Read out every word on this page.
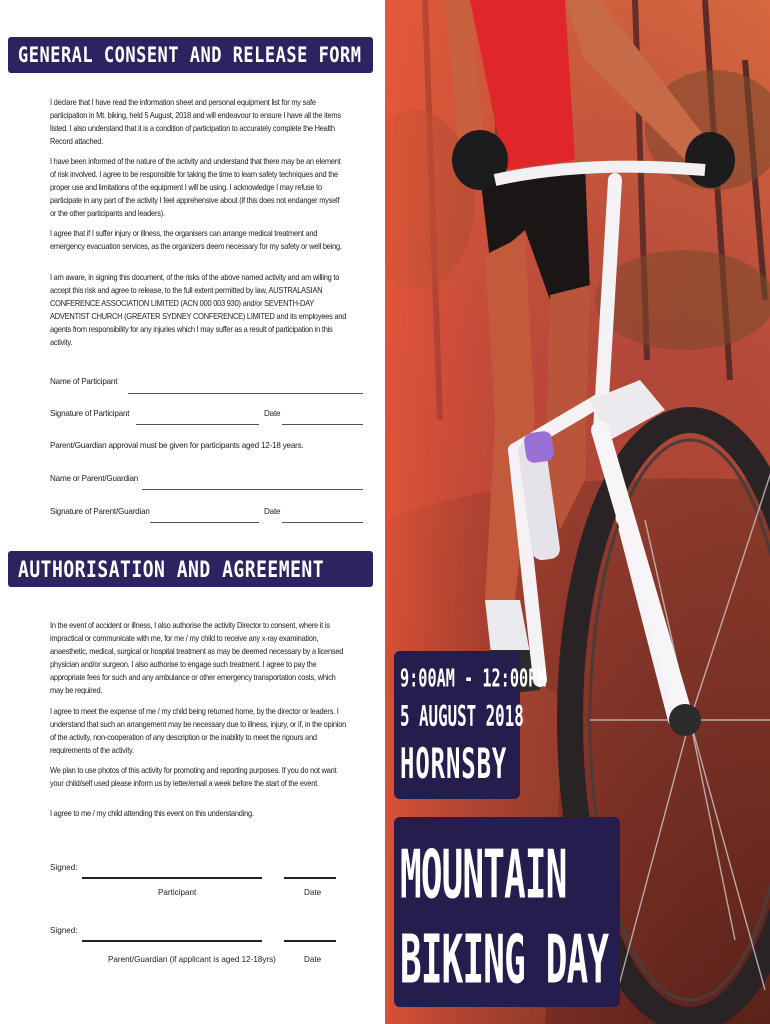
GENERAL CONSENT AND RELEASE FORM
I declare that I have read the information sheet and personal equipment list for my safe participation in Mt. biking, held 5 August, 2018 and will endeavour to ensure I have all the items listed. I also understand that it is a condition of participation to accurately complete the Health Record attached.
I have been informed of the nature of the activity and understand that there may be an element of risk involved. I agree to be responsible for taking the time to learn safety techniques and the proper use and limitations of the equipment I will be using. I acknowledge I may refuse to participate in any part of the activity I feel apprehensive about (if this does not endanger myself or the other participants and leaders).
I agree that if I suffer injury or illness, the organisers can arrange medical treatment and emergency evacuation services, as the organizers deem necessary for my safety or well being.
I am aware, in signing this document, of the risks of the above named activity and am willing to accept this risk and agree to release, to the full extent permitted by law, AUSTRALASIAN CONFERENCE ASSOCIATION LIMITED (ACN 000 003 930) and/or SEVENTH-DAY ADVENTIST CHURCH (GREATER SYDNEY CONFERENCE) LIMITED and its employees and agents from responsibility for any injuries which I may suffer as a result of participation in this activity.
Name of Participant
Signature of Participant	Date
Parent/Guardian approval must be given for participants aged 12-18 years.
Name or Parent/Guardian
Signature of Parent/Guardian	Date
AUTHORISATION AND AGREEMENT
In the event of accident or illness, I also authorise the activity Director to consent, where it is impractical or communicate with me, for me / my child to receive any x-ray examination, anaesthetic, medical, surgical or hospital treatment as may be deemed necessary by a licensed physician and/or surgeon. I also authorise to engage such treatment. I agree to pay the appropriate fees for such and any ambulance or other emergency transportation costs, which may be required.
I agree to meet the expense of me / my child being returned home, by the director or leaders. I understand that such an arrangement may be necessary due to illness, injury, or if, in the opinion of the activity, non-cooperation of any description or the inability to meet the rigours and requirements of the activity.
We plan to use photos of this activity for promoting and reporting purposes. If you do not want your child/self used please inform us by letter/email a week before the start of the event.
I agree to me / my child attending this event on this understanding.
Signed:
Participant	Date
Signed:
Parent/Guardian (if applicant is aged 12-18yrs)	Date
9:00AM - 12:00PM
5 AUGUST 2018
HORNSBY
MOUNTAIN
BIKING DAY
